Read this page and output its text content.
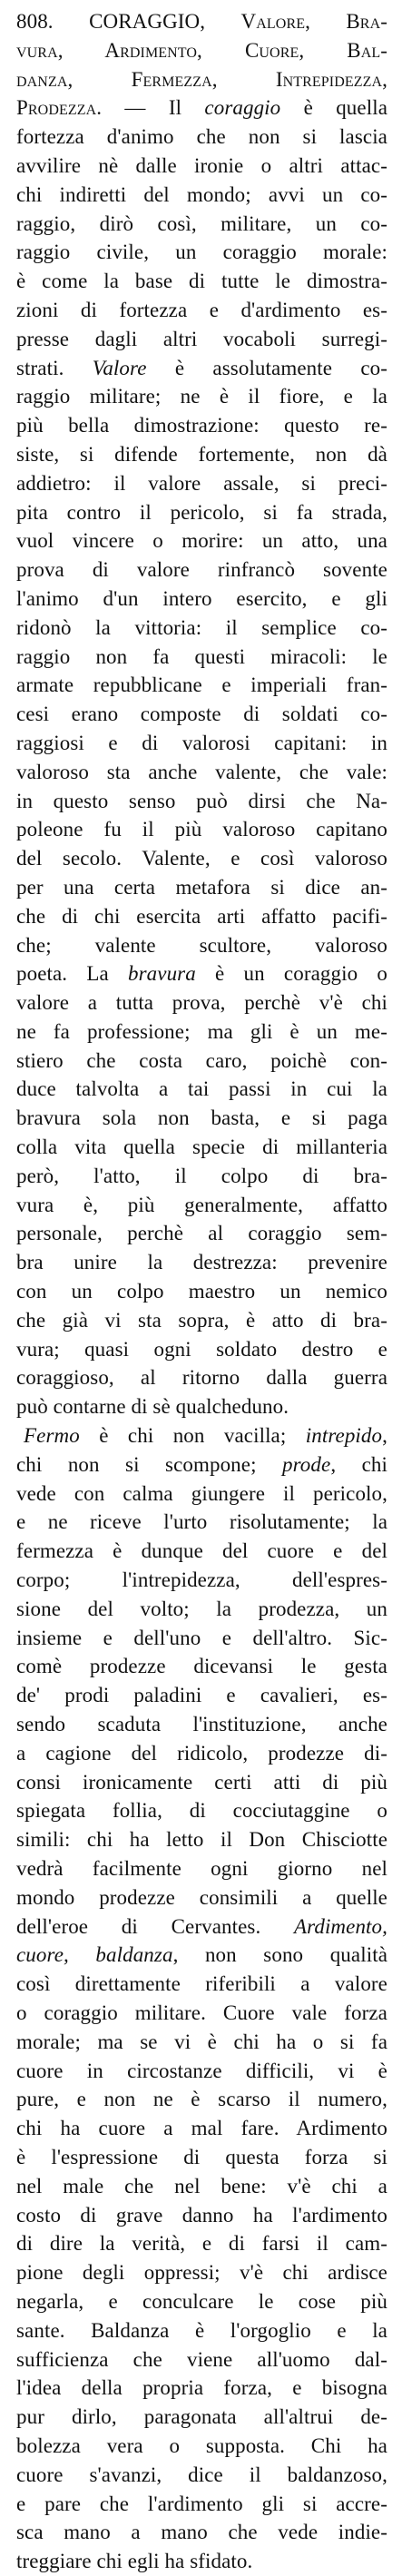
808. CORAGGIO, Valore, Bra-
vura, Ardimento, Cuore, Bal-
danza, Fermezza, Intrepidezza,
Prodezza. — Il coraggio è quella
fortezza d'animo che non si lascia
avvilire nè dalle ironie o altri attac-
chi indiretti del mondo; avvi un co-
raggio, dirò così, militare, un co-
raggio civile, un coraggio morale:
è come la base di tutte le dimostra-
zioni di fortezza e d'ardimento es-
presse dagli altri vocaboli surregi-
strati. Valore è assolutamente co-
raggio militare; ne è il fiore, e la
più bella dimostrazione: questo re-
siste, si difende fortemente, non dà
addietro: il valore assale, si preci-
pita contro il pericolo, si fa strada,
vuol vincere o morire: un atto, una
prova di valore rinfrancò sovente
l'animo d'un intero esercito, e gli
ridonò la vittoria: il semplice co-
raggio non fa questi miracoli: le
armate repubblicane e imperiali fran-
cesi erano composte di soldati co-
raggiosi e di valorosi capitani: in
valoroso sta anche valente, che vale:
in questo senso può dirsi che Na-
poleone fu il più valoroso capitano
del secolo. Valente, e così valoroso
per una certa metafora si dice an-
che di chi esercita arti affatto pacifi-
che; valente scultore, valoroso
poeta. La bravura è un coraggio o
valore a tutta prova, perchè v'è chi
ne fa professione; ma gli è un me-
stiero che costa caro, poichè con-
duce talvolta a tai passi in cui la
bravura sola non basta, e si paga
colla vita quella specie di millanteria
però, l'atto, il colpo di bra-
vura è, più generalmente, affatto
personale, perchè al coraggio sem-
bra unire la destrezza: prevenire
con un colpo maestro un nemico
che già vi sta sopra, è atto di bra-
vura; quasi ogni soldato destro e
coraggioso, al ritorno dalla guerra
può contarne di sè qualcheduno.
Fermo è chi non vacilla; intrepido,
chi non si scompone; prode, chi
vede con calma giungere il pericolo,
e ne riceve l'urto risolutamente; la
fermezza è dunque del cuore e del
corpo; l'intrepidezza, dell'espres-
sione del volto; la prodezza, un
insieme e dell'uno e dell'altro. Sic-
comè prodezze dicevansi le gesta
de' prodi paladini e cavalieri, es-
sendo scaduta l'instituzione, anche
a cagione del ridicolo, prodezze di-
consi ironicamente certi atti di più
spiegata follia, di cocciutaggine o
simili: chi ha letto il Don Chisciotte
vedrà facilmente ogni giorno nel
mondo prodezze consimili a quelle
dell'eroe di Cervantes. Ardimento,
cuore, baldanza, non sono qualità
così direttamente riferibili a valore
o coraggio militare. Cuore vale forza
morale; ma se vi è chi ha o si fa
cuore in circostanze difficili, vi è
pure, e non ne è scarso il numero,
chi ha cuore a mal fare. Ardimento
è l'espressione di questa forza si
nel male che nel bene: v'è chi a
costo di grave danno ha l'ardimento
di dire la verità, e di farsi il cam-
pione degli oppressi; v'è chi ardisce
negarla, e conculcare le cose più
sante. Baldanza è l'orgoglio e la
sufficienza che viene all'uomo dal-
l'idea della propria forza, e bisogna
pur dirlo, paragonata all'altrui de-
bolezza vera o supposta. Chi ha
cuore s'avanzi, dice il baldanzoso,
e pare che l'ardimento gli si accre-
sca mano a mano che vede indie-
treggiare chi egli ha sfidato.
